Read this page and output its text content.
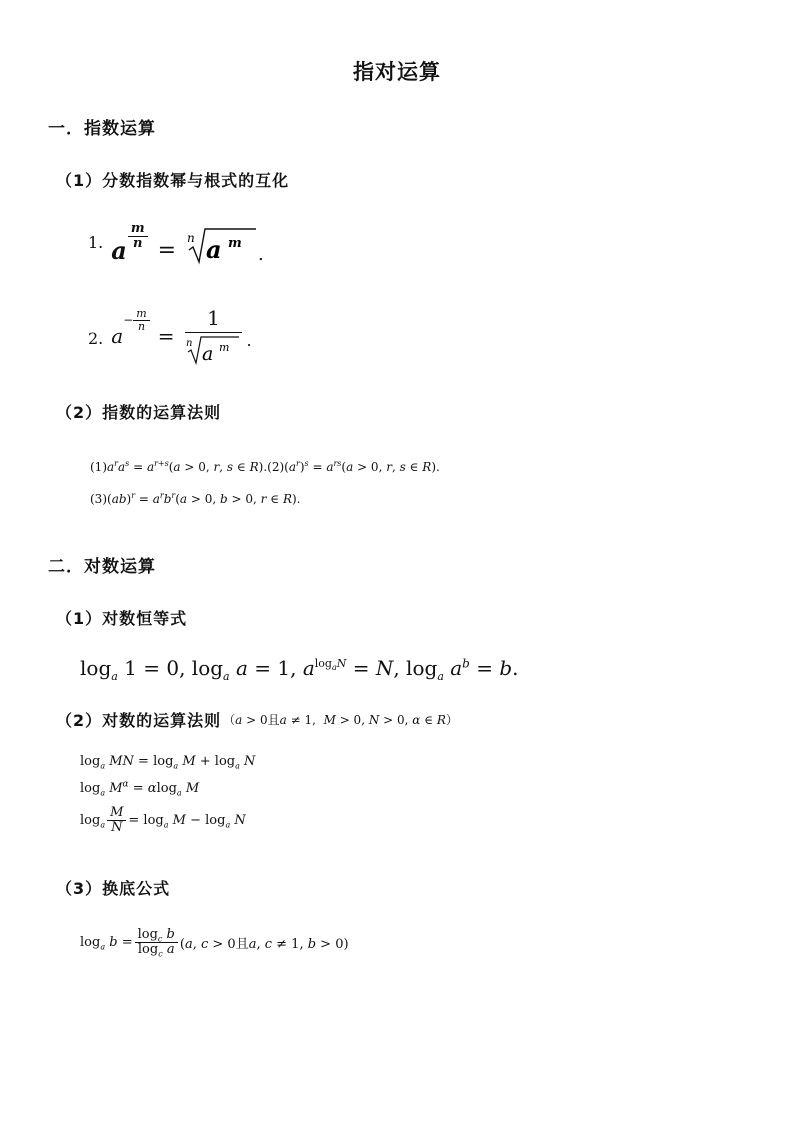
指对运算
一．指数运算
（1）分数指数幂与根式的互化
1. a $\frac{m}{n} = n$ a m .
2. a
− $\frac{m}{n}$
= $\frac{1}{\text{n a m}}$ .
（2）指数的运算法则
$(1)a^ra^s = a^{r+s}(a > 0$, r, s ∈ $R).(2)(a^r)^s = a^{rs}(a > 0$, r, s ∈ R).
$(3)(ab)^r = a^rb^r(a > 0$, b > 0, r ∈ R).
二．对数运算
（1）对数恒等式
$\log_a 1 = 0$, $\log_a a = 1$, $a^{log_aN} = N$, $\log_a a^b = b$.
（2）对数的运算法则 （a > 0且a ≠ 1,  M > 0, N > 0, α ∈ R）
$\log_a$ MN = $\log_a M + \log_a N$
$\log_a M^\alpha = \alpha\log_a$ M
$\log_a \frac{M}{N} = \log_a M - \log_a N$
（3）换底公式
$\log_a b = \frac{\log_c b}{\log_c a} (a$, c > 0且a, c ≠ 1, b > 0)
